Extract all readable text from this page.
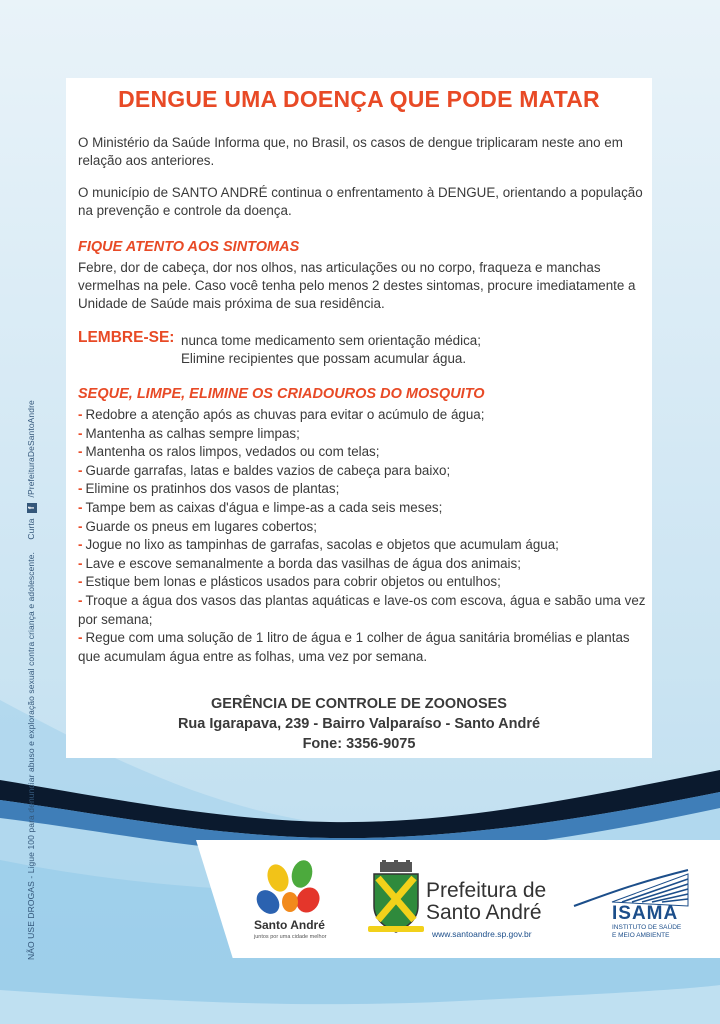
NÃO USE DROGAS - Ligue 100 para denunciar abuso e exploração sexual contra criança e adolescente.     Curta f /PrefeituraDeSantoAndre
DENGUE UMA DOENÇA QUE PODE MATAR
O Ministério da Saúde Informa que, no Brasil, os casos de dengue triplicaram neste ano em relação aos anteriores.
O município de SANTO ANDRÉ continua o enfrentamento à DENGUE, orientando a população na prevenção e controle da doença.
FIQUE ATENTO AOS SINTOMAS
Febre, dor de cabeça, dor nos olhos, nas articulações ou no corpo, fraqueza e manchas vermelhas na pele. Caso você tenha pelo menos 2 destes sintomas, procure imediatamente a Unidade de Saúde mais próxima de sua residência.
LEMBRE-SE: nunca tome medicamento sem orientação médica;
Elimine recipientes que possam acumular água.
SEQUE, LIMPE, ELIMINE OS CRIADOUROS DO MOSQUITO
- Redobre a atenção após as chuvas para evitar o acúmulo de água;
- Mantenha as calhas sempre limpas;
- Mantenha os ralos limpos, vedados ou com telas;
- Guarde garrafas, latas e baldes vazios de cabeça para baixo;
- Elimine os pratinhos dos vasos de plantas;
- Tampe bem as caixas d'água e limpe-as a cada seis meses;
- Guarde os pneus em lugares cobertos;
- Jogue no lixo as tampinhas de garrafas, sacolas e objetos que acumulam água;
- Lave e escove semanalmente a borda das vasilhas de água dos animais;
- Estique bem lonas e plásticos usados para cobrir objetos ou entulhos;
- Troque a água dos vasos das plantas aquáticas e lave-os com escova, água e sabão uma vez por semana;
- Regue com uma solução de 1 litro de água e 1 colher de água sanitária bromélias e plantas que acumulam água entre as folhas, uma vez por semana.
GERÊNCIA DE CONTROLE DE ZOONOSES
Rua Igarapava, 239 - Bairro Valparaíso - Santo André
Fone: 3356-9075
Santo André
juntos por uma cidade melhor
Prefeitura de
Santo André
www.santoandre.sp.gov.br
ISAMA
INSTITUTO DE SAÚDE
E MEIO AMBIENTE
